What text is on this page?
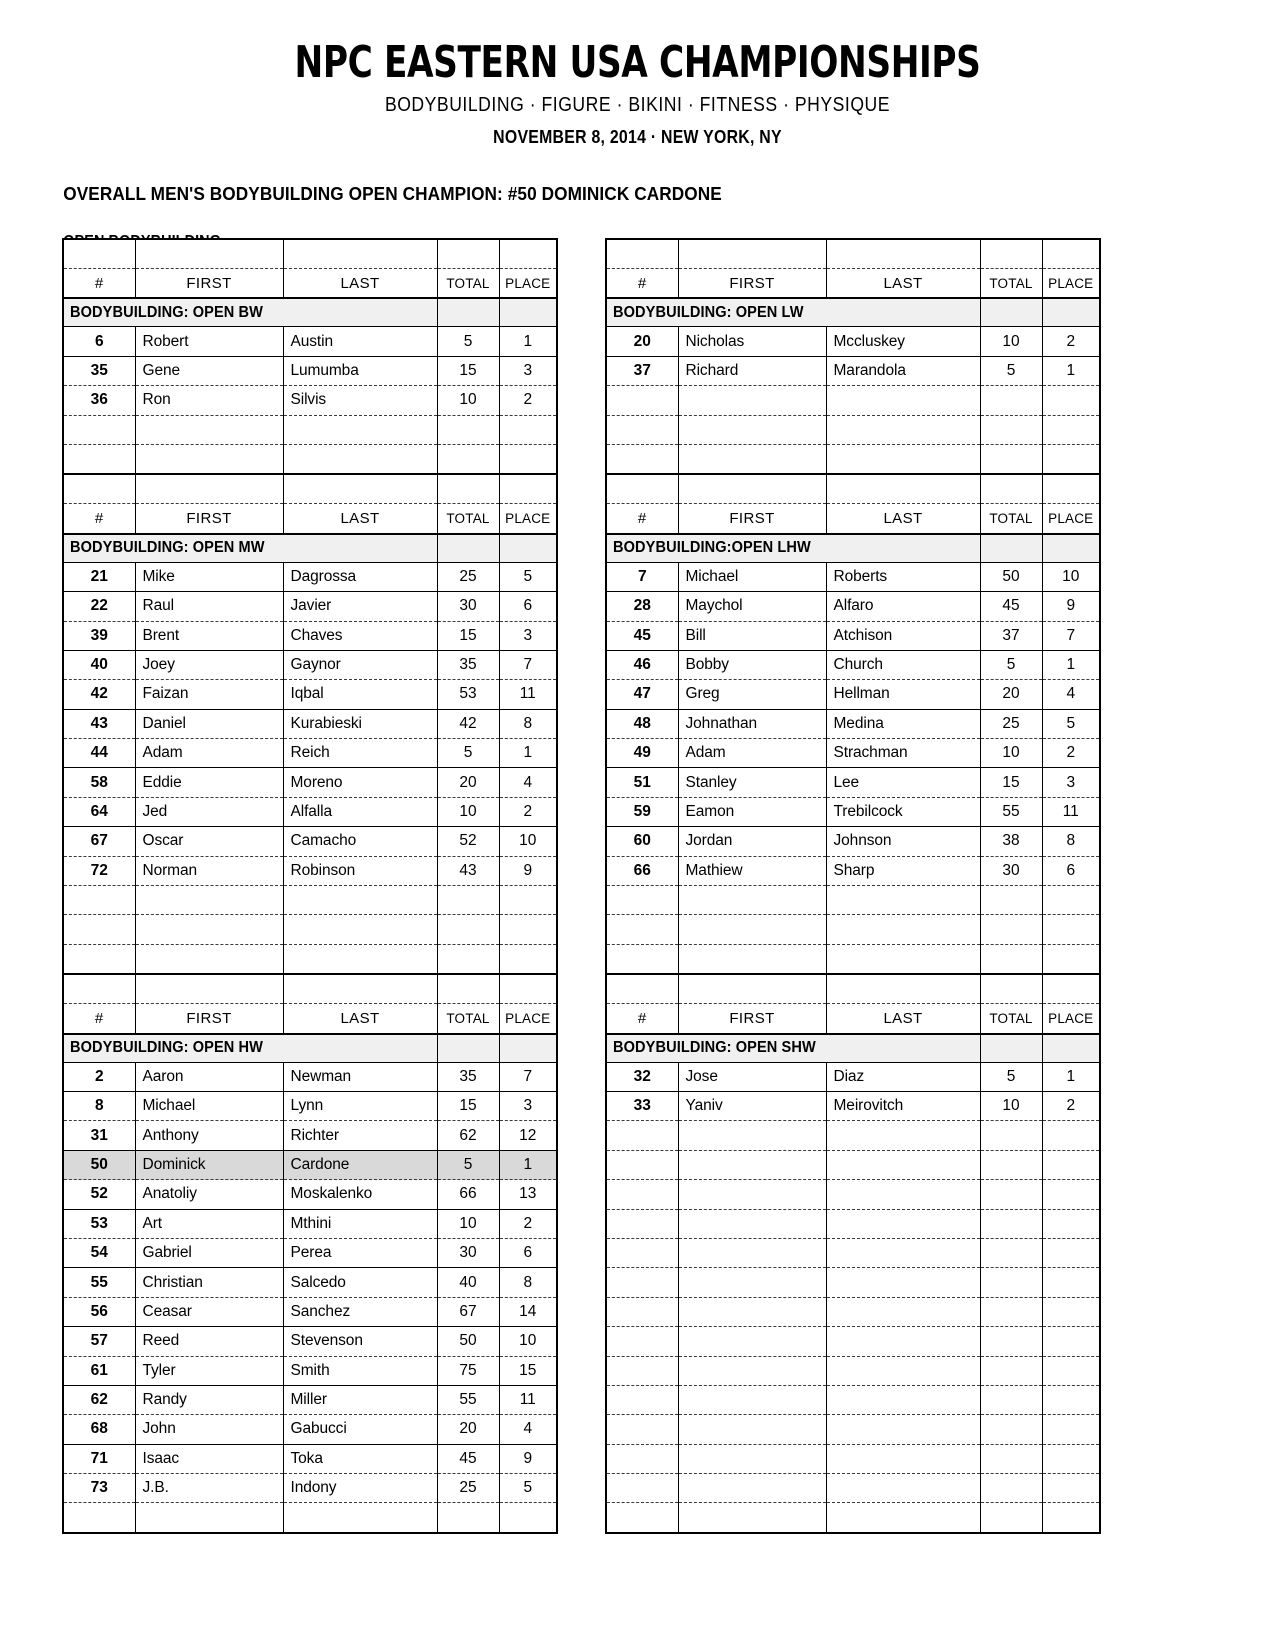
NPC EASTERN USA CHAMPIONSHIPS
BODYBUILDING · FIGURE · BIKINI · FITNESS · PHYSIQUE
NOVEMBER 8, 2014 · NEW YORK, NY
OVERALL MEN'S BODYBUILDING OPEN CHAMPION: #50 DOMINICK CARDONE

#	FIRST	LAST	TOTAL	PLACE
BODYBUILDING: OPEN BW				
6	Robert	Austin	5	1
35	Gene	Lumumba	15	3
36	Ron	Silvis	10	2

#	FIRST	LAST	TOTAL	PLACE
BODYBUILDING: OPEN MW				
21	Mike	Dagrossa	25	5
22	Raul	Javier	30	6
39	Brent	Chaves	15	3
40	Joey	Gaynor	35	7
42	Faizan	Iqbal	53	11
43	Daniel	Kurabieski	42	8
44	Adam	Reich	5	1
58	Eddie	Moreno	20	4
64	Jed	Alfalla	10	2
67	Oscar	Camacho	52	10
72	Norman	Robinson	43	9

#	FIRST	LAST	TOTAL	PLACE
BODYBUILDING: OPEN HW				
2	Aaron	Newman	35	7
8	Michael	Lynn	15	3
31	Anthony	Richter	62	12
50	Dominick	Cardone	5	1
52	Anatoliy	Moskalenko	66	13
53	Art	Mthini	10	2
54	Gabriel	Perea	30	6
55	Christian	Salcedo	40	8
56	Ceasar	Sanchez	67	14
57	Reed	Stevenson	50	10
61	Tyler	Smith	75	15
62	Randy	Miller	55	11
68	John	Gabucci	20	4
71	Isaac	Toka	45	9
73	J.B.	Indony	25	5

#	FIRST	LAST	TOTAL	PLACE
BODYBUILDING: OPEN LW				
20	Nicholas	Mccluskey	10	2
37	Richard	Marandola	5	1

#	FIRST	LAST	TOTAL	PLACE
BODYBUILDING:OPEN LHW				
7	Michael	Roberts	50	10
28	Maychol	Alfaro	45	9
45	Bill	Atchison	37	7
46	Bobby	Church	5	1
47	Greg	Hellman	20	4
48	Johnathan	Medina	25	5
49	Adam	Strachman	10	2
51	Stanley	Lee	15	3
59	Eamon	Trebilcock	55	11
60	Jordan	Johnson	38	8
66	Mathiew	Sharp	30	6

#	FIRST	LAST	TOTAL	PLACE
BODYBUILDING: OPEN SHW				
32	Jose	Diaz	5	1
33	Yaniv	Meirovitch	10	2
